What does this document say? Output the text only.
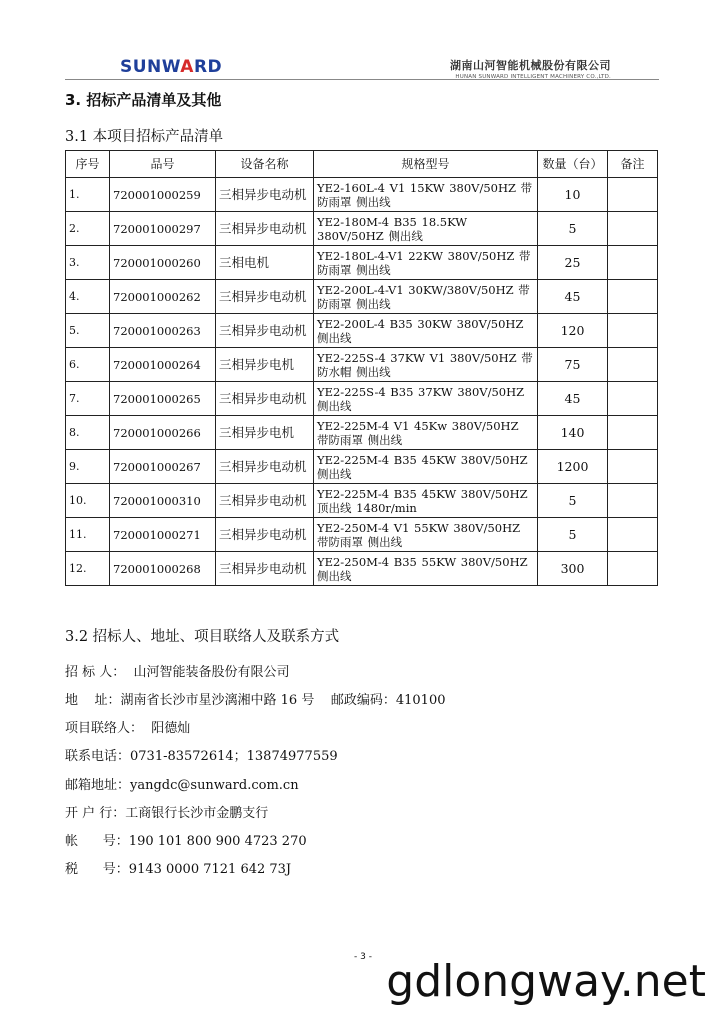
SUNWARD	湖南山河智能机械股份有限公司
HUNAN SUNWARD INTELLIGENT MACHINERY CO.,LTD.
3. 招标产品清单及其他
3.1 本项目招标产品清单
序号	品号	设备名称	规格型号	数量（台）	备注
1.	720001000259	三相异步电动机	YE2-160L-4 V1 15KW 380V/50HZ 带防雨罩 侧出线	10	
2.	720001000297	三相异步电动机	YE2-180M-4 B35 18.5KW 380V/50HZ 侧出线	5	
3.	720001000260	三相电机	YE2-180L-4-V1 22KW 380V/50HZ 带防雨罩 侧出线	25	
4.	720001000262	三相异步电动机	YE2-200L-4-V1 30KW/380V/50HZ 带防雨罩 侧出线	45	
5.	720001000263	三相异步电动机	YE2-200L-4 B35 30KW 380V/50HZ 侧出线	120	
6.	720001000264	三相异步电机	YE2-225S-4 37KW V1 380V/50HZ 带防水帽 侧出线	75	
7.	720001000265	三相异步电动机	YE2-225S-4 B35 37KW 380V/50HZ 侧出线	45	
8.	720001000266	三相异步电机	YE2-225M-4 V1 45Kw 380V/50HZ 带防雨罩 侧出线	140	
9.	720001000267	三相异步电动机	YE2-225M-4 B35 45KW 380V/50HZ 侧出线	1200	
10.	720001000310	三相异步电动机	YE2-225M-4 B35 45KW 380V/50HZ 顶出线 1480r/min	5	
11.	720001000271	三相异步电动机	YE2-250M-4 V1 55KW 380V/50HZ 带防雨罩 侧出线	5	
12.	720001000268	三相异步电动机	YE2-250M-4 B35 55KW 380V/50HZ 侧出线	300	
3.2 招标人、地址、项目联络人及联系方式
招 标 人：  山河智能装备股份有限公司
地    址：湖南省长沙市星沙漓湘中路 16 号    邮政编码：410100
项目联络人：  阳德灿
联系电话：0731-83572614；13874977559
邮箱地址：yangdc@sunward.com.cn
开 户 行：工商银行长沙市金鹏支行
帐      号：190 101 800 900 4723 270
税      号：9143 0000 7121 642 73J
- 3 - gdlongway.net
